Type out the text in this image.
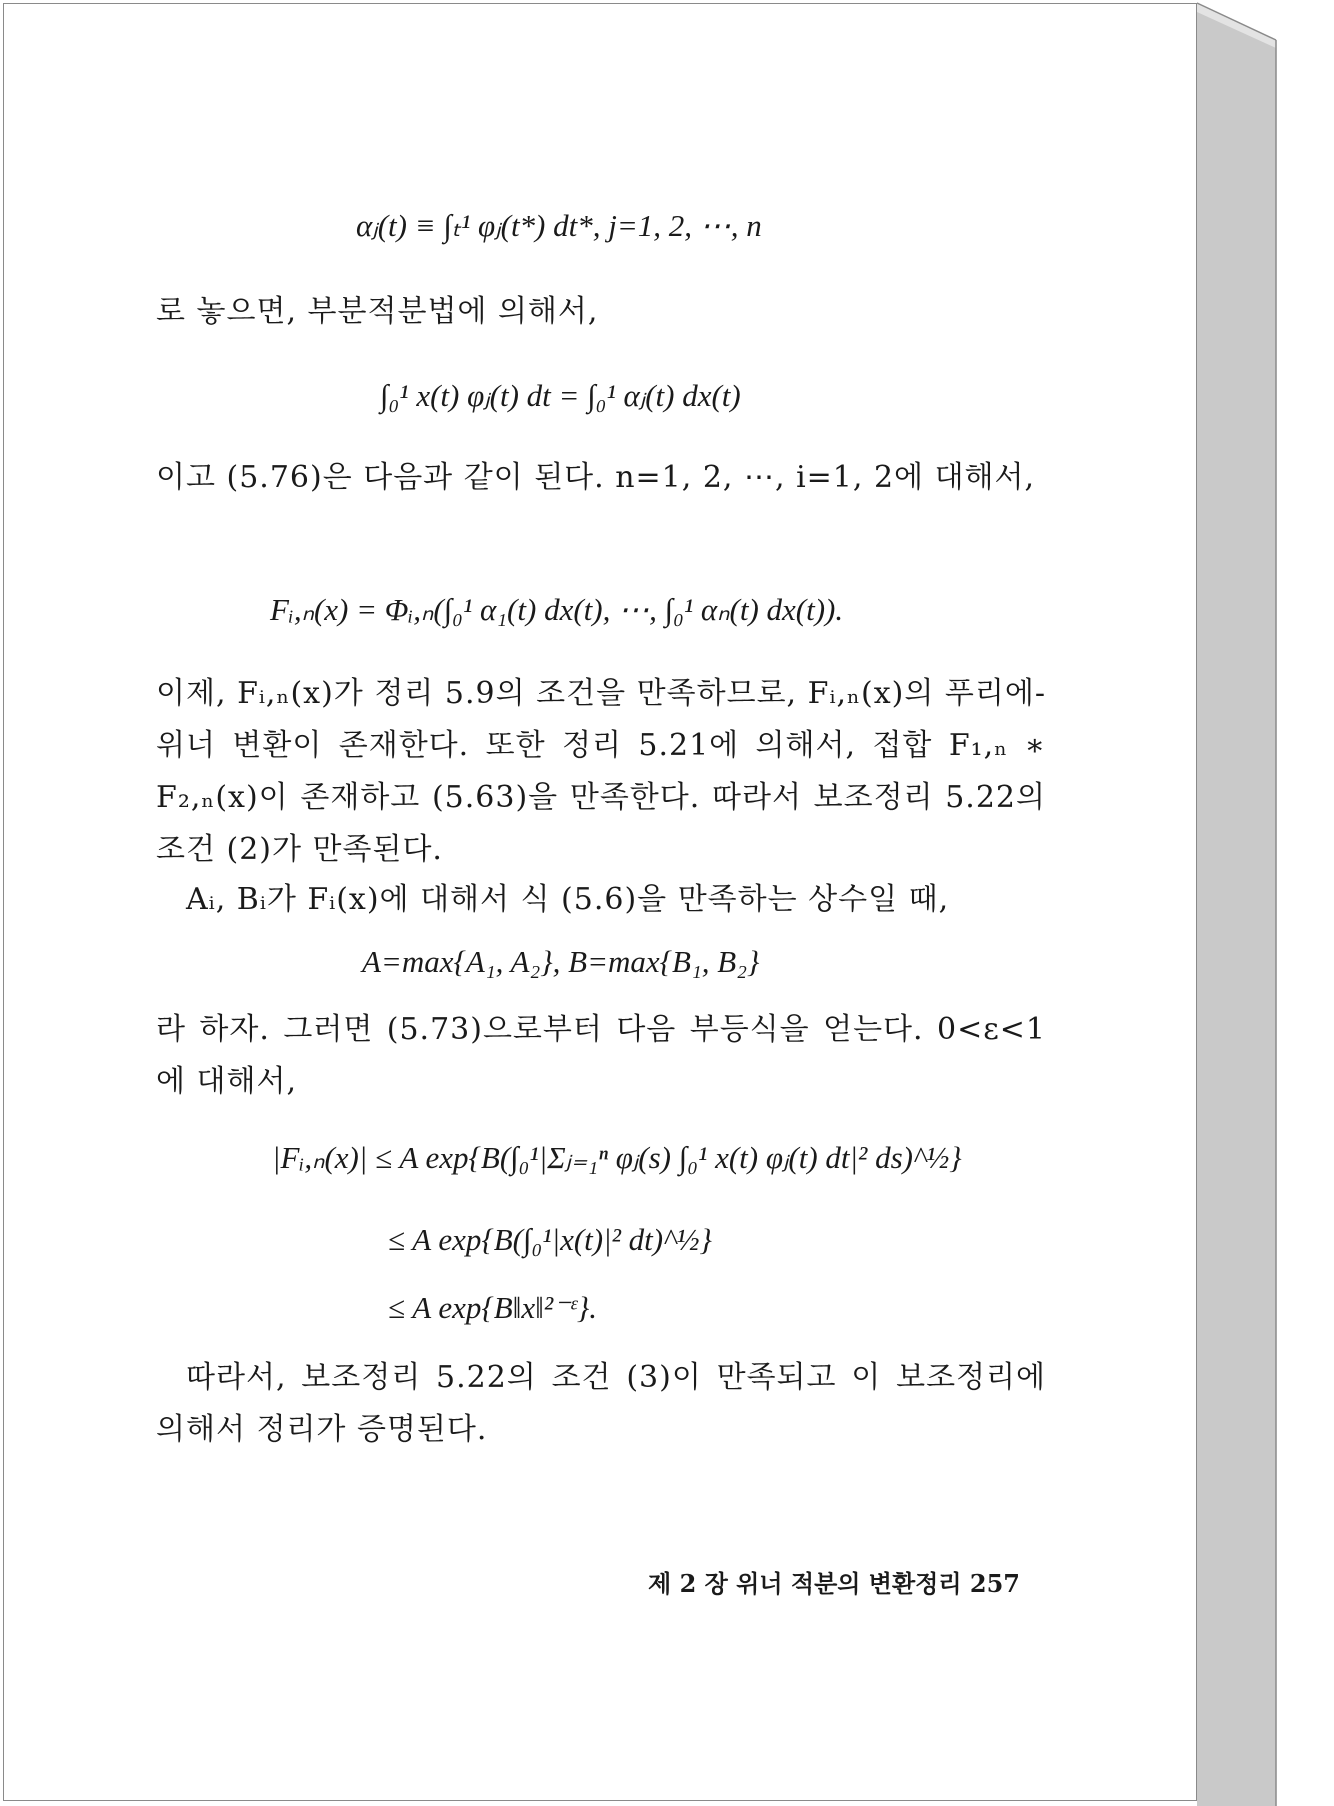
αⱼ(t) ≡ ∫ₜ¹ φⱼ(t*) dt*, j=1, 2, ⋯, n
로 놓으면, 부분적분법에 의해서,
∫₀¹ x(t) φⱼ(t) dt = ∫₀¹ αⱼ(t) dx(t)
이고 (5.76)은 다음과 같이 된다. n=1, 2, ⋯, i=1, 2에 대해서,
Fᵢ,ₙ(x) = Φᵢ,ₙ(∫₀¹ α₁(t) dx(t), ⋯, ∫₀¹ αₙ(t) dx(t)).
이제, Fᵢ,ₙ(x)가 정리 5.9의 조건을 만족하므로, Fᵢ,ₙ(x)의 푸리에-위너 변환이 존재한다. 또한 정리 5.21에 의해서, 접합 F₁,ₙ ∗ F₂,ₙ(x)이 존재하고 (5.63)을 만족한다. 따라서 보조정리 5.22의 조건 (2)가 만족된다.
Aᵢ, Bᵢ가 Fᵢ(x)에 대해서 식 (5.6)을 만족하는 상수일 때,
A=max{A₁, A₂}, B=max{B₁, B₂}
라 하자. 그러면 (5.73)으로부터 다음 부등식을 얻는다. 0<ε<1에 대해서,
|Fᵢ,ₙ(x)| ≤ A exp{B(∫₀¹|Σⱼ₌₁ⁿ φⱼ(s) ∫₀¹ x(t) φⱼ(t) dt|² ds)^½}
≤ A exp{B(∫₀¹|x(t)|² dt)^½}
≤ A exp{B‖x‖²⁻ᵋ}.
따라서, 보조정리 5.22의 조건 (3)이 만족되고 이 보조정리에 의해서 정리가 증명된다.
제 2 장 위너 적분의 변환정리 257
